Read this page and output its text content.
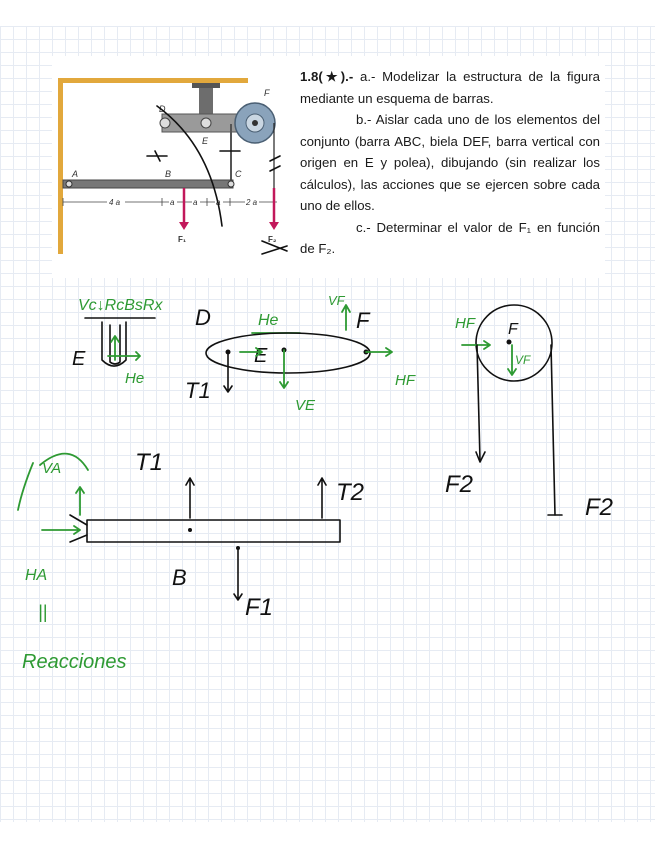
F
D
E
A	B	C
4 a	a a a	2 a
F₁	F₂

1.8(★).- a.- Modelizar la estructura de la figura mediante un esquema de barras.

b.- Aislar cada uno de los elementos del conjunto (barra ABC, biela DEF, barra vertical con origen en E y polea), dibujando (sin realizar los cálculos), las acciones que se ejercen sobre cada uno de ellos.

c.- Determinar el valor de F₁ en función de F₂.

Vc↓RcBsRx
E
He
D	He
VF
F
E
T1
VE
HF
HF F
VF
F2
F2
VA	T1
T2
HA	B
F1
||
Reacciones
